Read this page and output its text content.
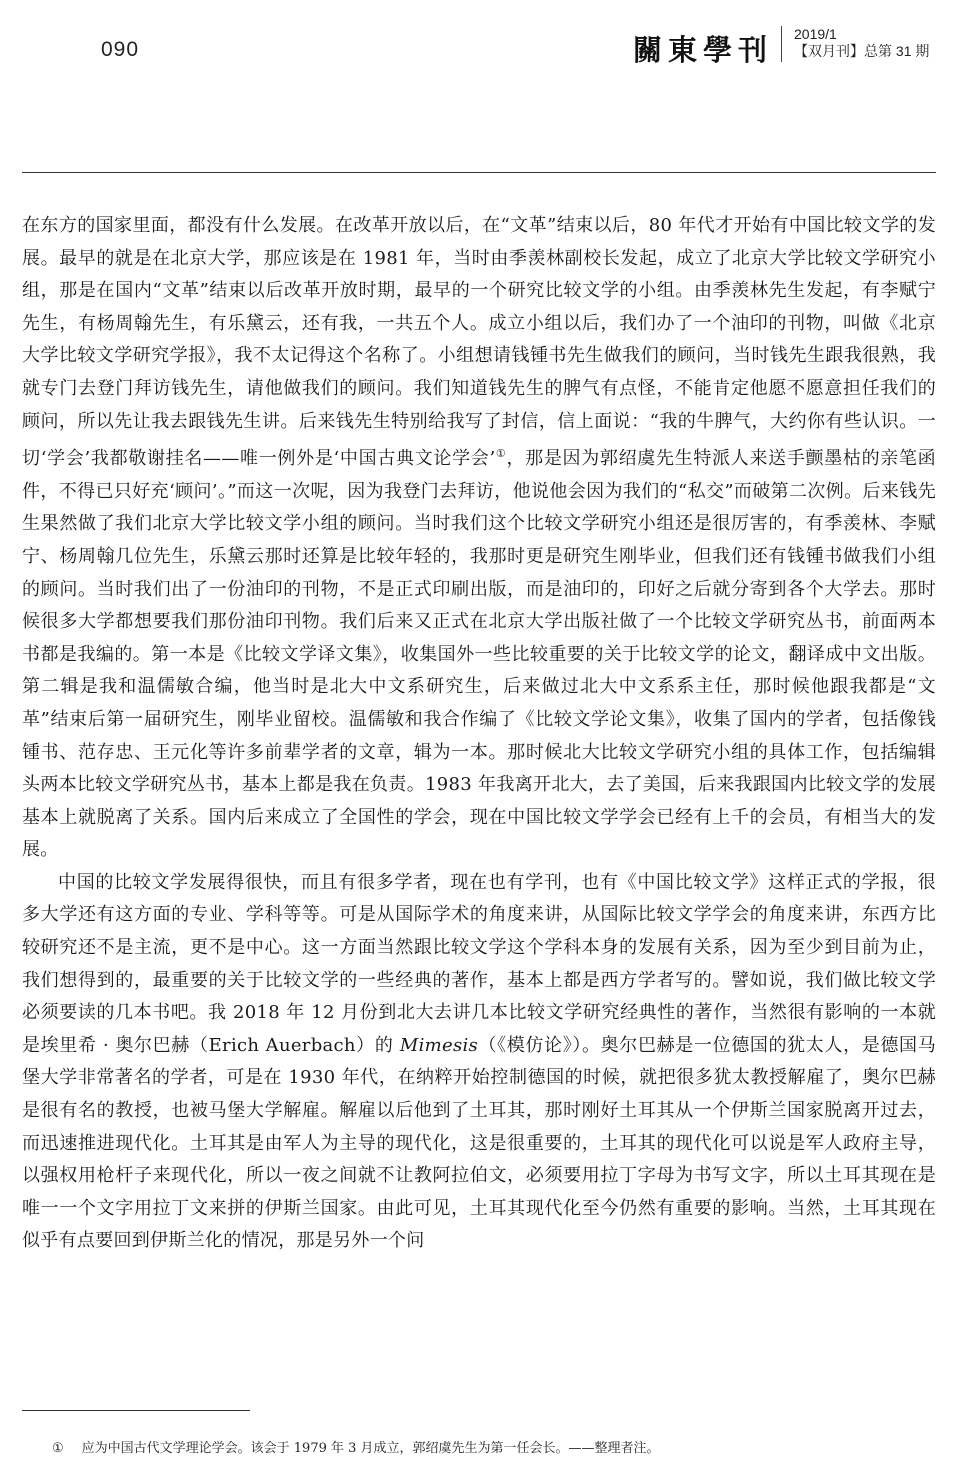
090	關東學刊 2019/1
【双月刊】总第 31 期

在东方的国家里面，都没有什么发展。在改革开放以后，在“文革”结束以后，80 年代才开始有中国比较文学的发展。最早的就是在北京大学，那应该是在 1981 年，当时由季羡林副校长发起，成立了北京大学比较文学研究小组，那是在国内“文革”结束以后改革开放时期，最早的一个研究比较文学的小组。由季羡林先生发起，有李赋宁先生，有杨周翰先生，有乐黛云，还有我，一共五个人。成立小组以后，我们办了一个油印的刊物，叫做《北京大学比较文学研究学报》，我不太记得这个名称了。小组想请钱锺书先生做我们的顾问，当时钱先生跟我很熟，我就专门去登门拜访钱先生，请他做我们的顾问。我们知道钱先生的脾气有点怪，不能肯定他愿不愿意担任我们的顾问，所以先让我去跟钱先生讲。后来钱先生特别给我写了封信，信上面说：“我的牛脾气，大约你有些认识。一切‘学会’我都敬谢挂名——唯一例外是‘中国古典文论学会’①，那是因为郭绍虞先生特派人来送手颤墨枯的亲笔函件，不得已只好充‘顾问’。”而这一次呢，因为我登门去拜访，他说他会因为我们的“私交”而破第二次例。后来钱先生果然做了我们北京大学比较文学小组的顾问。当时我们这个比较文学研究小组还是很厉害的，有季羡林、李赋宁、杨周翰几位先生，乐黛云那时还算是比较年轻的，我那时更是研究生刚毕业，但我们还有钱锺书做我们小组的顾问。当时我们出了一份油印的刊物，不是正式印刷出版，而是油印的，印好之后就分寄到各个大学去。那时候很多大学都想要我们那份油印刊物。我们后来又正式在北京大学出版社做了一个比较文学研究丛书，前面两本书都是我编的。第一本是《比较文学译文集》，收集国外一些比较重要的关于比较文学的论文，翻译成中文出版。第二辑是我和温儒敏合编，他当时是北大中文系研究生，后来做过北大中文系系主任，那时候他跟我都是“文革”结束后第一届研究生，刚毕业留校。温儒敏和我合作编了《比较文学论文集》，收集了国内的学者，包括像钱锺书、范存忠、王元化等许多前辈学者的文章，辑为一本。那时候北大比较文学研究小组的具体工作，包括编辑头两本比较文学研究丛书，基本上都是我在负责。1983 年我离开北大，去了美国，后来我跟国内比较文学的发展基本上就脱离了关系。国内后来成立了全国性的学会，现在中国比较文学学会已经有上千的会员，有相当大的发展。

中国的比较文学发展得很快，而且有很多学者，现在也有学刊，也有《中国比较文学》这样正式的学报，很多大学还有这方面的专业、学科等等。可是从国际学术的角度来讲，从国际比较文学学会的角度来讲，东西方比较研究还不是主流，更不是中心。这一方面当然跟比较文学这个学科本身的发展有关系，因为至少到目前为止，我们想得到的，最重要的关于比较文学的一些经典的著作，基本上都是西方学者写的。譬如说，我们做比较文学必须要读的几本书吧。我 2018 年 12 月份到北大去讲几本比较文学研究经典性的著作，当然很有影响的一本就是埃里希 · 奥尔巴赫（Erich Auerbach）的 Mimesis（《模仿论》）。奥尔巴赫是一位德国的犹太人，是德国马堡大学非常著名的学者，可是在 1930 年代，在纳粹开始控制德国的时候，就把很多犹太教授解雇了，奥尔巴赫是很有名的教授，也被马堡大学解雇。解雇以后他到了土耳其，那时刚好土耳其从一个伊斯兰国家脱离开过去，而迅速推进现代化。土耳其是由军人为主导的现代化，这是很重要的，土耳其的现代化可以说是军人政府主导，以强权用枪杆子来现代化，所以一夜之间就不让教阿拉伯文，必须要用拉丁字母为书写文字，所以土耳其现在是唯一一个文字用拉丁文来拼的伊斯兰国家。由此可见，土耳其现代化至今仍然有重要的影响。当然，土耳其现在似乎有点要回到伊斯兰化的情况，那是另外一个问

① 应为中国古代文学理论学会。该会于 1979 年 3 月成立，郭绍虞先生为第一任会长。——整理者注。
